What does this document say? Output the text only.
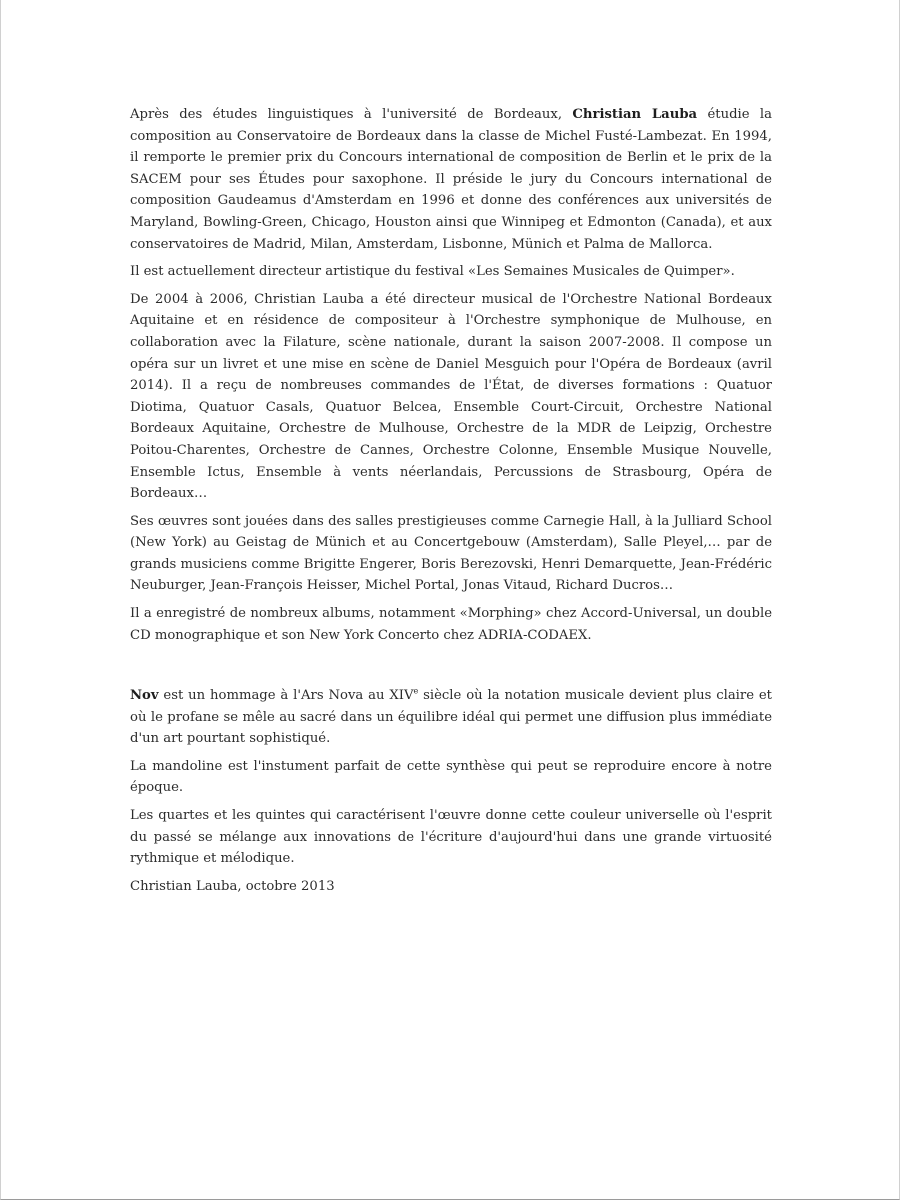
Après des études linguistiques à l'université de Bordeaux, Christian Lauba étudie la composition au Conservatoire de Bordeaux dans la classe de Michel Fusté-Lambezat. En 1994, il remporte le premier prix du Concours international de composition de Berlin et le prix de la SACEM pour ses Études pour saxophone. Il préside le jury du Concours international de composition Gaudeamus d'Amsterdam en 1996 et donne des conférences aux universités de Maryland, Bowling-Green, Chicago, Houston ainsi que Winnipeg et Edmonton (Canada), et aux conservatoires de Madrid, Milan, Amsterdam, Lisbonne, Münich et Palma de Mallorca.

Il est actuellement directeur artistique du festival «Les Semaines Musicales de Quimper».

De 2004 à 2006, Christian Lauba a été directeur musical de l'Orchestre National Bordeaux Aquitaine et en résidence de compositeur à l'Orchestre symphonique de Mulhouse, en collaboration avec la Filature, scène nationale, durant la saison 2007-2008. Il compose un opéra sur un livret et une mise en scène de Daniel Mesguich pour l'Opéra de Bordeaux (avril 2014). Il a reçu de nombreuses commandes de l'État, de diverses formations : Quatuor Diotima, Quatuor Casals, Quatuor Belcea, Ensemble Court-Circuit, Orchestre National Bordeaux Aquitaine, Orchestre de Mulhouse, Orchestre de la MDR de Leipzig, Orchestre Poitou-Charentes, Orchestre de Cannes, Orchestre Colonne, Ensemble Musique Nouvelle, Ensemble Ictus, Ensemble à vents néerlandais, Percussions de Strasbourg, Opéra de Bordeaux…

Ses œuvres sont jouées dans des salles prestigieuses comme Carnegie Hall, à la Julliard School (New York) au Geistag de Münich et au Concertgebouw (Amsterdam), Salle Pleyel,… par de grands musiciens comme Brigitte Engerer, Boris Berezovski, Henri Demarquette, Jean-Frédéric Neuburger, Jean-François Heisser, Michel Portal, Jonas Vitaud, Richard Ducros…

Il a enregistré de nombreux albums, notamment «Morphing» chez Accord-Universal, un double CD monographique et son New York Concerto chez ADRIA-CODAEX.

Nov est un hommage à l'Ars Nova au XIVe siècle où la notation musicale devient plus claire et où le profane se mêle au sacré dans un équilibre idéal qui permet une diffusion plus immédiate d'un art pourtant sophistiqué.

La mandoline est l'instument parfait de cette synthèse qui peut se reproduire encore à notre époque.

Les quartes et les quintes qui caractérisent l'œuvre donne cette couleur universelle où l'esprit du passé se mélange aux innovations de l'écriture d'aujourd'hui dans une grande virtuosité rythmique et mélodique.

Christian Lauba, octobre 2013
